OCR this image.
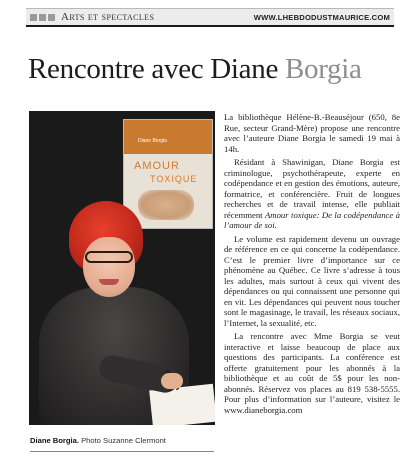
Arts et spectacles	WWW.LHEBDODUSTMAURICE.COM
Rencontre avec Diane Borgia
Diane Borgia
AMOUR
TOXIQUE
Diane Borgia. Photo Suzanne Clermont

La bibliothèque Hélène-B.-Beauséjour (650, 8e Rue, secteur Grand-Mère) propose une rencontre avec l’auteure Diane Borgia le samedi 19 mai à 14h.

Résidant à Shawinigan, Diane Borgia est criminologue, psychothérapeute, experte en codépendance et en gestion des émotions, auteure, formatrice, et conférencière. Fruit de longues recherches et de travail intense, elle publiait récemment Amour toxique: De la codépendance à l’amour de soi.

Le volume est rapidement devenu un ouvrage de référence en ce qui concerne la codépendance. C’est le premier livre d’importance sur ce phénomène au Québec. Ce livre s’adresse à tous les adultes, mais surtout à ceux qui vivent des dépendances ou qui connaissent une personne qui en vit. Les dépendances qui peuvent nous toucher sont le magasinage, le travail, les réseaux sociaux, l’Internet, la sexualité, etc.

La rencontre avec Mme Borgia se veut interactive et laisse beaucoup de place aux questions des participants. La conférence est offerte gratuitement pour les abonnés à la bibliothèque et au coût de 5$ pour les non-abonnés. Réservez vos places au 819 538-5555. Pour plus d’information sur l’auteure, visitez le www.dianeborgia.com
